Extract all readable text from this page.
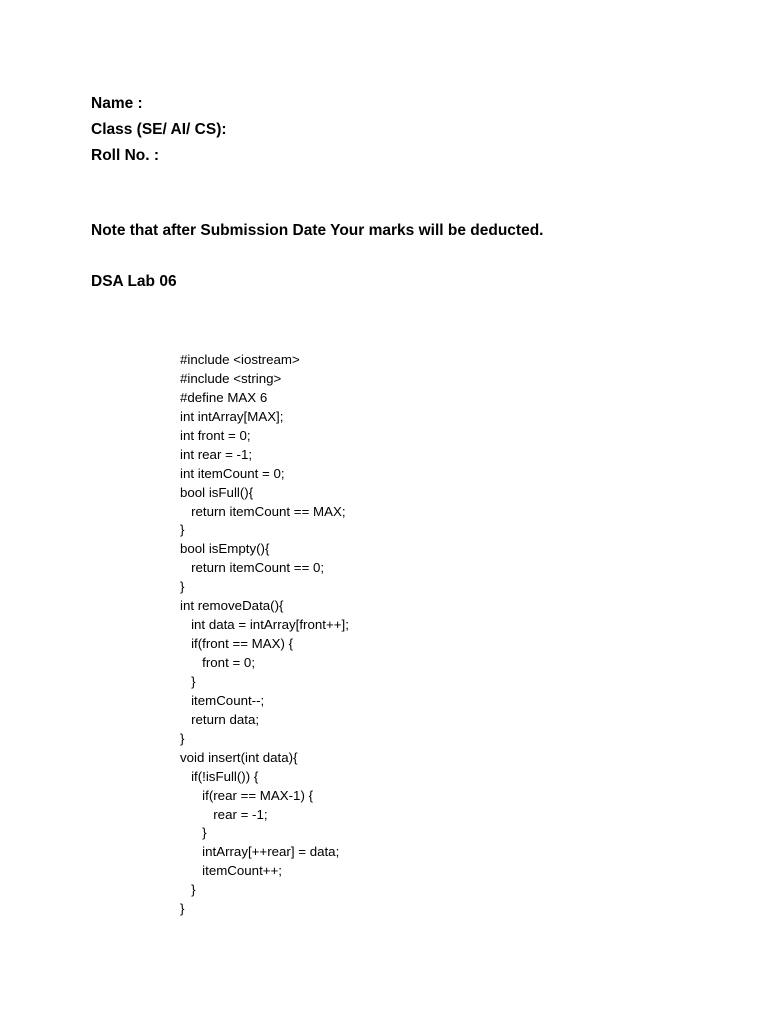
Name :
Class (SE/ AI/ CS):
Roll No. :
Note that after Submission Date Your marks will be deducted.
DSA Lab 06
#include <iostream>
#include <string>
#define MAX 6
int intArray[MAX];
int front = 0;
int rear = -1;
int itemCount = 0;
bool isFull(){
return itemCount == MAX;
}
bool isEmpty(){
return itemCount == 0;
}
int removeData(){
int data = intArray[front++];
if(front == MAX) {
front = 0;
}
itemCount--;
return data;
}
void insert(int data){
if(!isFull()) {
if(rear == MAX-1) {
rear = -1;
}
intArray[++rear] = data;
itemCount++;
}
}
